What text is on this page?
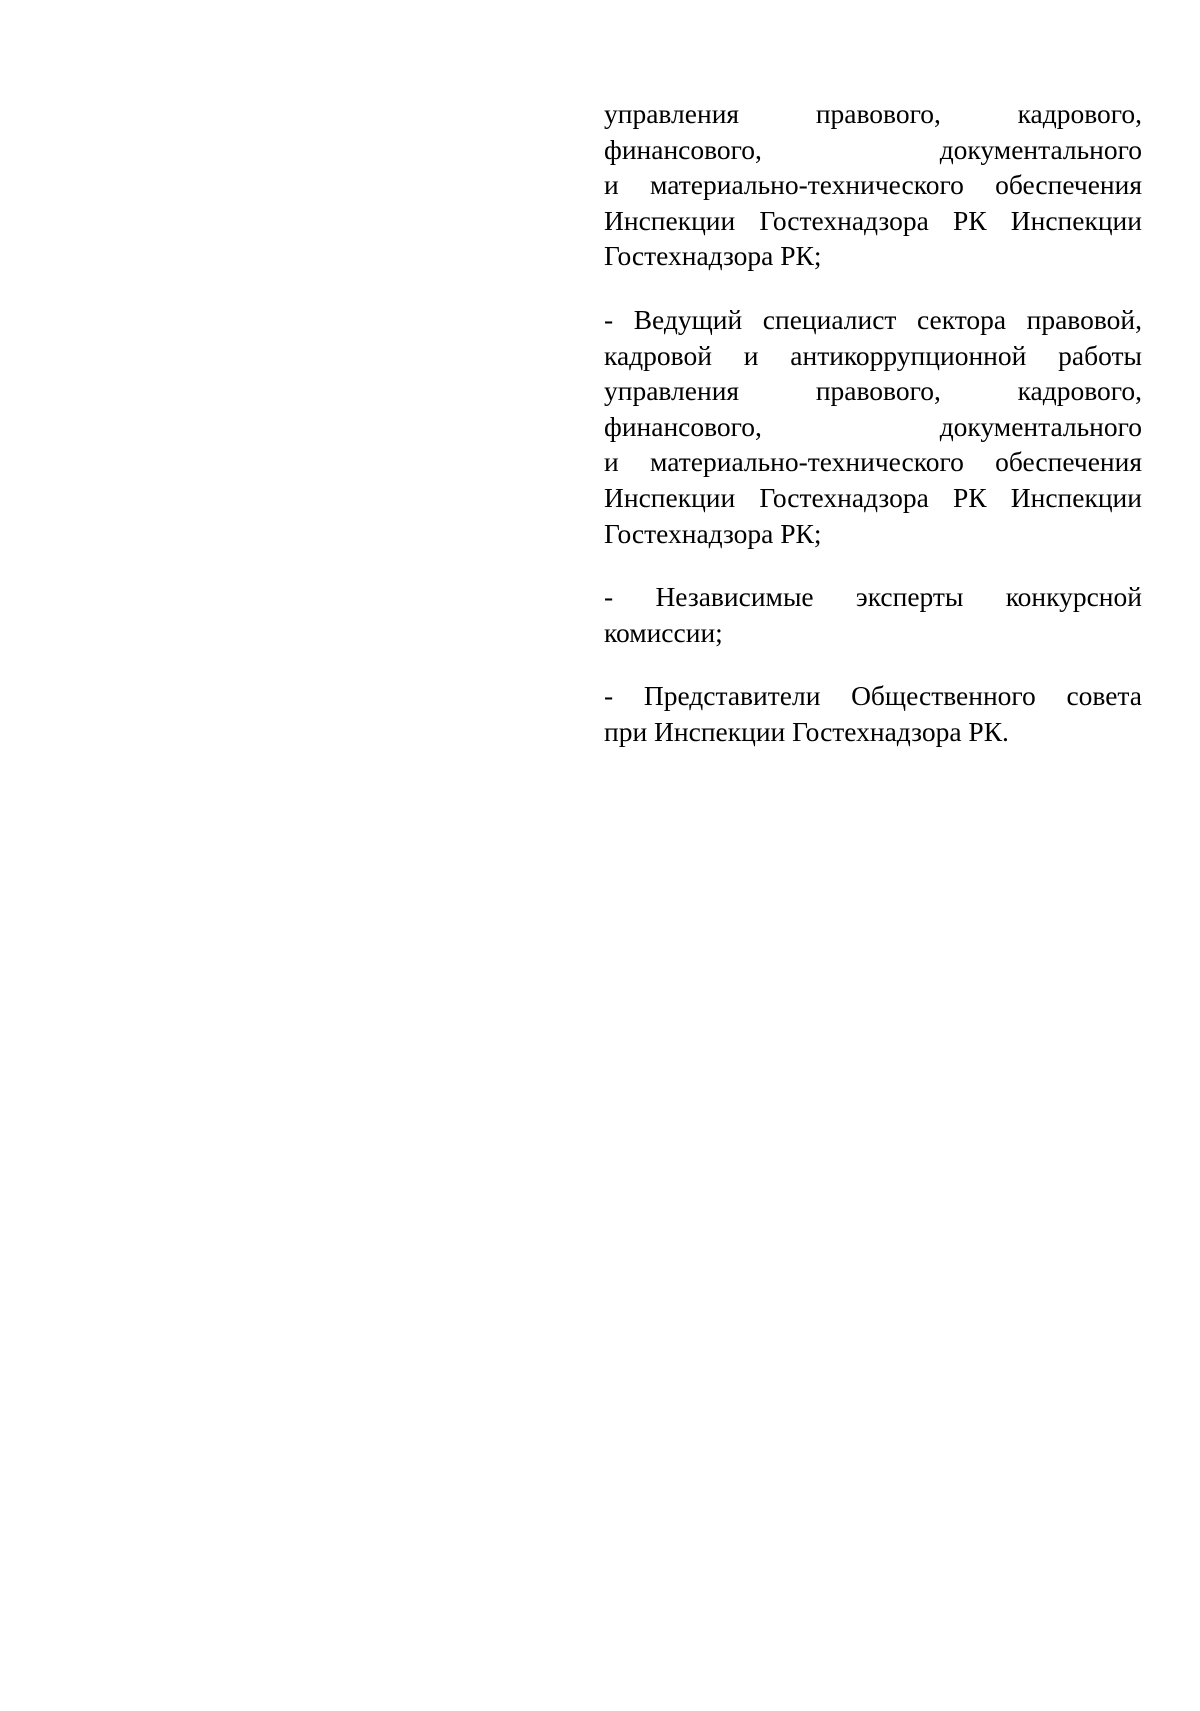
управления правового, кадрового,
финансового, документального
и материально-технического обеспечения
Инспекции Гостехнадзора РК Инспекции
Гостехнадзора РК;

- Ведущий специалист сектора правовой,
кадровой и антикоррупционной работы
управления правового, кадрового,
финансового, документального
и материально-технического обеспечения
Инспекции Гостехнадзора РК Инспекции
Гостехнадзора РК;

- Независимые эксперты конкурсной
комиссии;

- Представители Общественного совета
при Инспекции Гостехнадзора РК.
